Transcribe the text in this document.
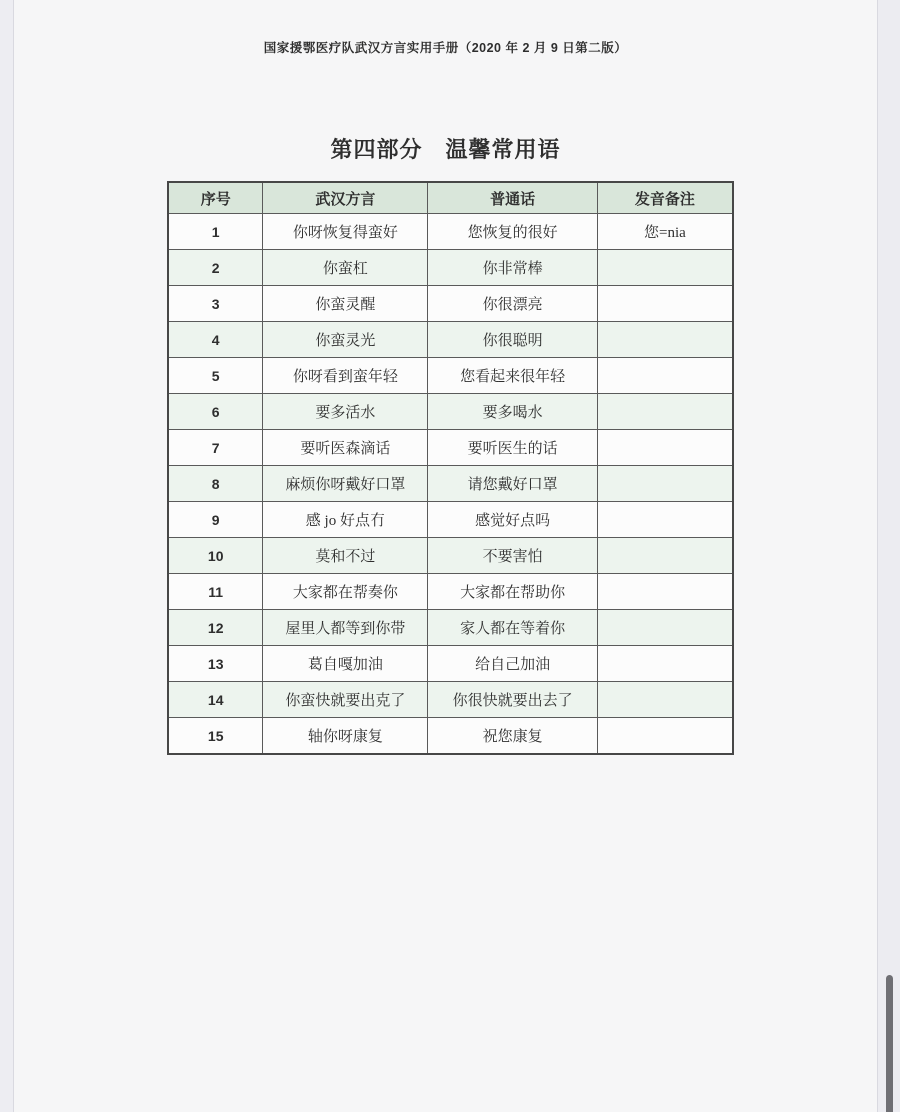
国家援鄂医疗队武汉方言实用手册（2020 年 2 月 9 日第二版）
第四部分　温馨常用语
序号	武汉方言	普通话	发音备注
1	你呀恢复得蛮好	您恢复的很好	您=nia
2	你蛮杠	你非常棒	
3	你蛮灵醒	你很漂亮	
4	你蛮灵光	你很聪明	
5	你呀看到蛮年轻	您看起来很年轻	
6	要多活水	要多喝水	
7	要听医森滴话	要听医生的话	
8	麻烦你呀戴好口罩	请您戴好口罩	
9	感 jo 好点冇	感觉好点吗	
10	莫和不过	不要害怕	
11	大家都在帮奏你	大家都在帮助你	
12	屋里人都等到你带	家人都在等着你	
13	葛自嘎加油	给自己加油	
14	你蛮快就要出克了	你很快就要出去了	
15	轴你呀康复	祝您康复	
